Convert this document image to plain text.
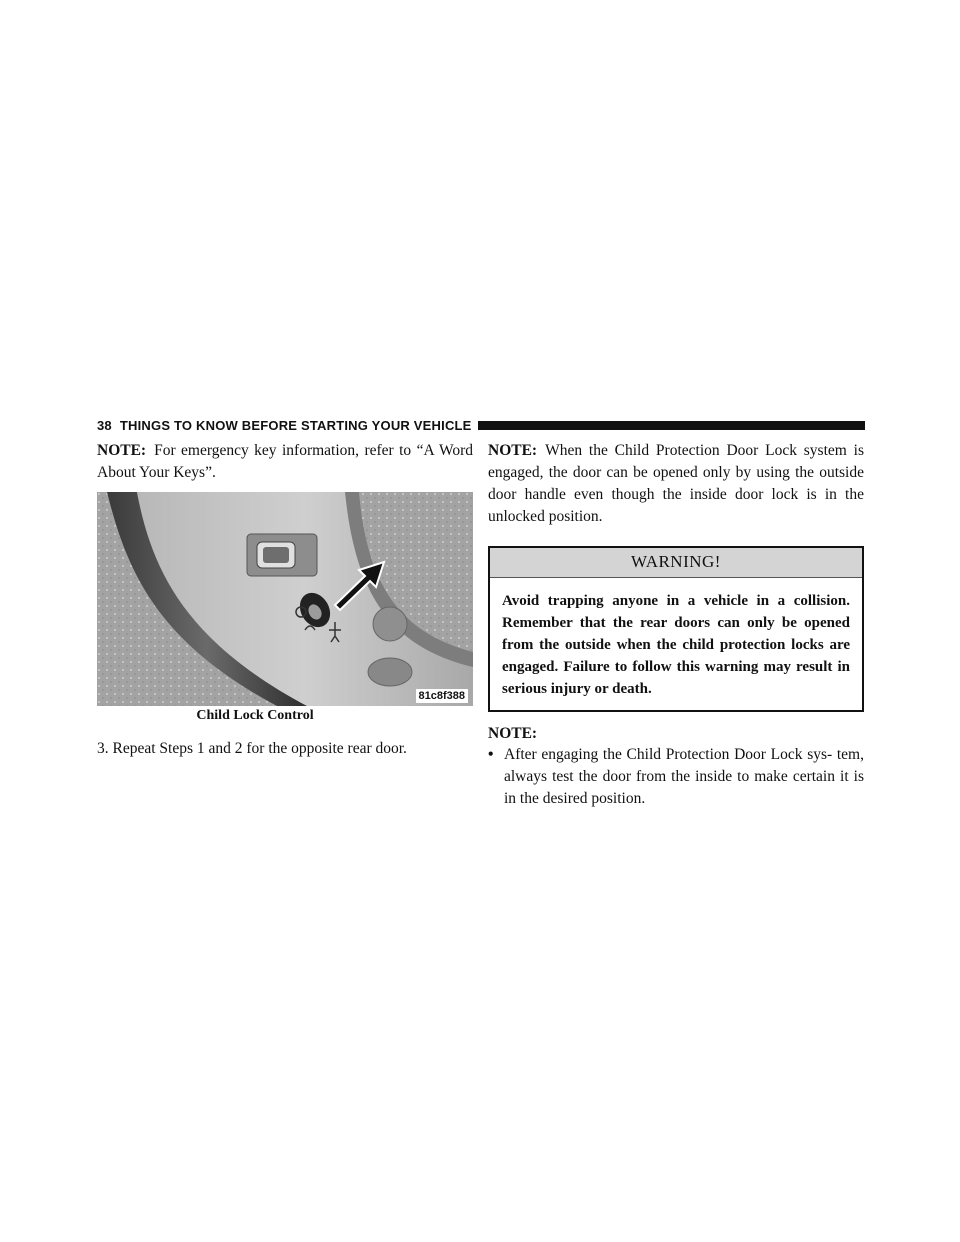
38 THINGS TO KNOW BEFORE STARTING YOUR VEHICLE

NOTE: For emergency key information, refer to “A Word About Your Keys”.

81c8f388
Child Lock Control

3. Repeat Steps 1 and 2 for the opposite rear door.

NOTE: When the Child Protection Door Lock system is engaged, the door can be opened only by using the outside door handle even though the inside door lock is in the unlocked position.

WARNING!
Avoid trapping anyone in a vehicle in a collision. Remember that the rear doors can only be opened from the outside when the child protection locks are engaged. Failure to follow this warning may result in serious injury or death.
NOTE:
• After engaging the Child Protection Door Lock sys- tem, always test the door from the inside to make certain it is in the desired position.
